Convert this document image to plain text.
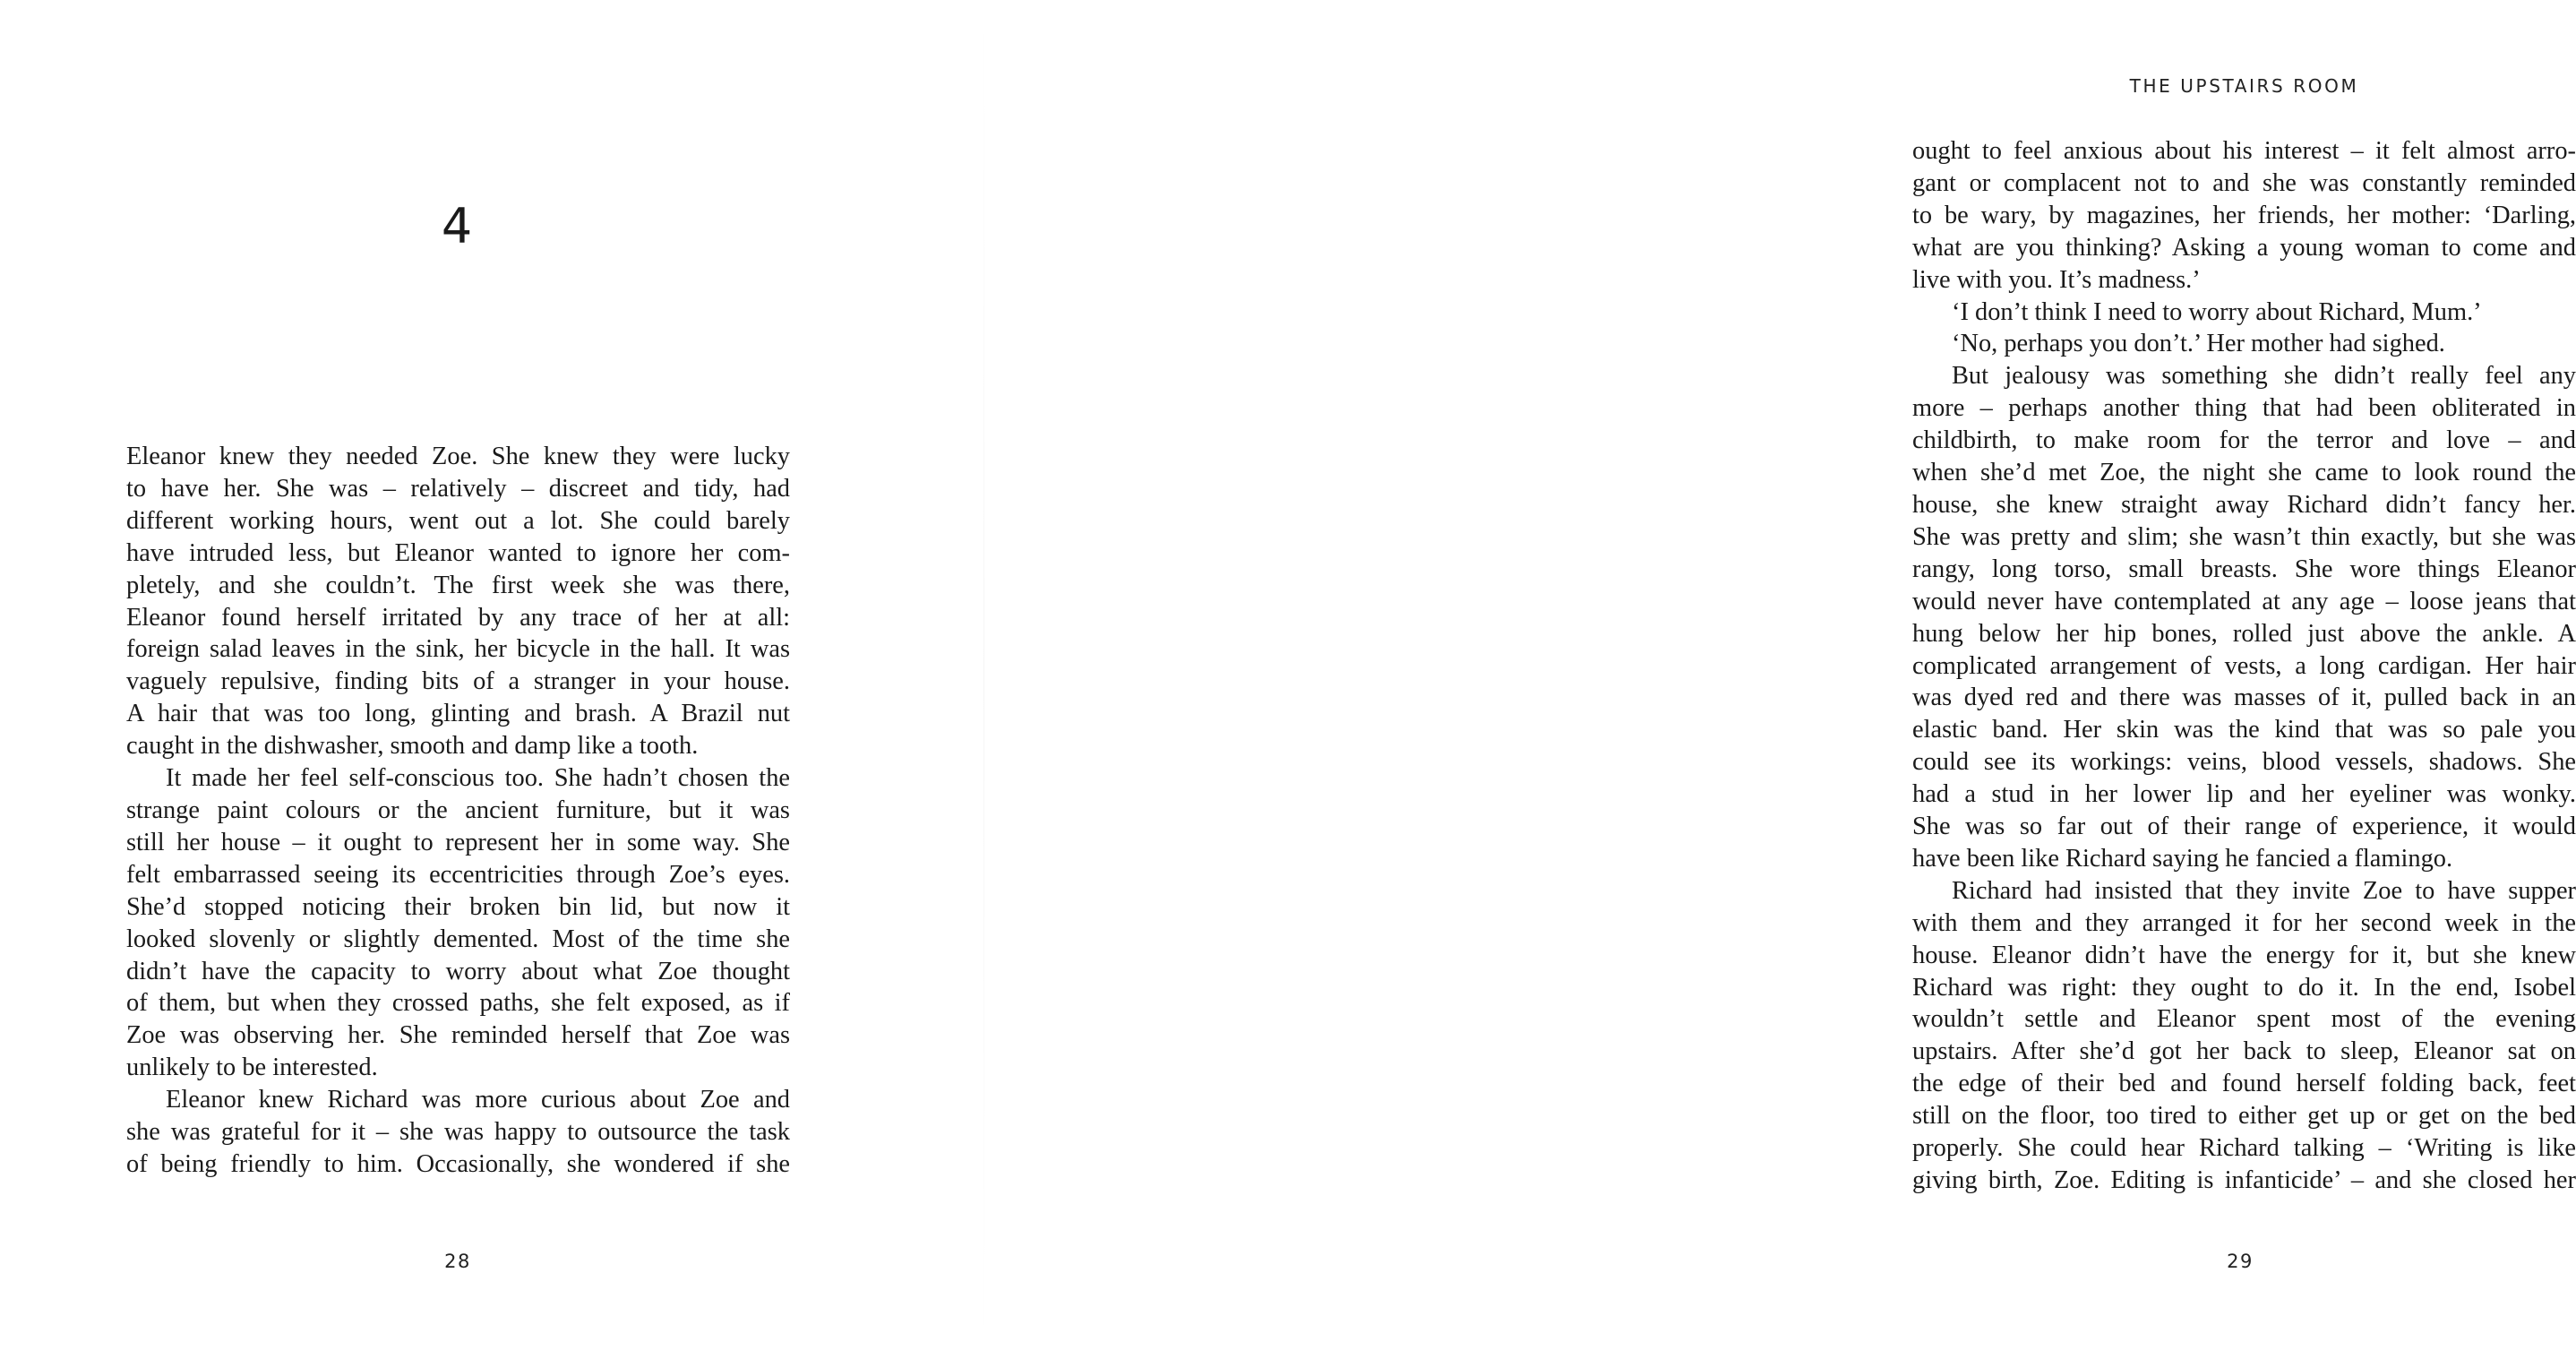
4
Eleanor knew they needed Zoe. She knew they were lucky
to have her. She was – relatively – discreet and tidy, had
different working hours, went out a lot. She could barely
have intruded less, but Eleanor wanted to ignore her com-
pletely, and she couldn’t. The first week she was there,
Eleanor found herself irritated by any trace of her at all:
foreign salad leaves in the sink, her bicycle in the hall. It was
vaguely repulsive, finding bits of a stranger in your house.
A hair that was too long, glinting and brash. A Brazil nut
caught in the dishwasher, smooth and damp like a tooth.
It made her feel self-conscious too. She hadn’t chosen the
strange paint colours or the ancient furniture, but it was
still her house – it ought to represent her in some way. She
felt embarrassed seeing its eccentricities through Zoe’s eyes.
She’d stopped noticing their broken bin lid, but now it
looked slovenly or slightly demented. Most of the time she
didn’t have the capacity to worry about what Zoe thought
of them, but when they crossed paths, she felt exposed, as if
Zoe was observing her. She reminded herself that Zoe was
unlikely to be interested.
Eleanor knew Richard was more curious about Zoe and
she was grateful for it – she was happy to outsource the task
of being friendly to him. Occasionally, she wondered if she
28
THE UPSTAIRS ROOM
ought to feel anxious about his interest – it felt almost arro-
gant or complacent not to and she was constantly reminded
to be wary, by magazines, her friends, her mother: ‘Darling,
what are you thinking? Asking a young woman to come and
live with you. It’s madness.’
‘I don’t think I need to worry about Richard, Mum.’
‘No, perhaps you don’t.’ Her mother had sighed.
But jealousy was something she didn’t really feel any
more – perhaps another thing that had been obliterated in
childbirth, to make room for the terror and love – and
when she’d met Zoe, the night she came to look round the
house, she knew straight away Richard didn’t fancy her.
She was pretty and slim; she wasn’t thin exactly, but she was
rangy, long torso, small breasts. She wore things Eleanor
would never have contemplated at any age – loose jeans that
hung below her hip bones, rolled just above the ankle. A
complicated arrangement of vests, a long cardigan. Her hair
was dyed red and there was masses of it, pulled back in an
elastic band. Her skin was the kind that was so pale you
could see its workings: veins, blood vessels, shadows. She
had a stud in her lower lip and her eyeliner was wonky.
She was so far out of their range of experience, it would
have been like Richard saying he fancied a flamingo.
Richard had insisted that they invite Zoe to have supper
with them and they arranged it for her second week in the
house. Eleanor didn’t have the energy for it, but she knew
Richard was right: they ought to do it. In the end, Isobel
wouldn’t settle and Eleanor spent most of the evening
upstairs. After she’d got her back to sleep, Eleanor sat on
the edge of their bed and found herself folding back, feet
still on the floor, too tired to either get up or get on the bed
properly. She could hear Richard talking – ‘Writing is like
giving birth, Zoe. Editing is infanticide’ – and she closed her
29
